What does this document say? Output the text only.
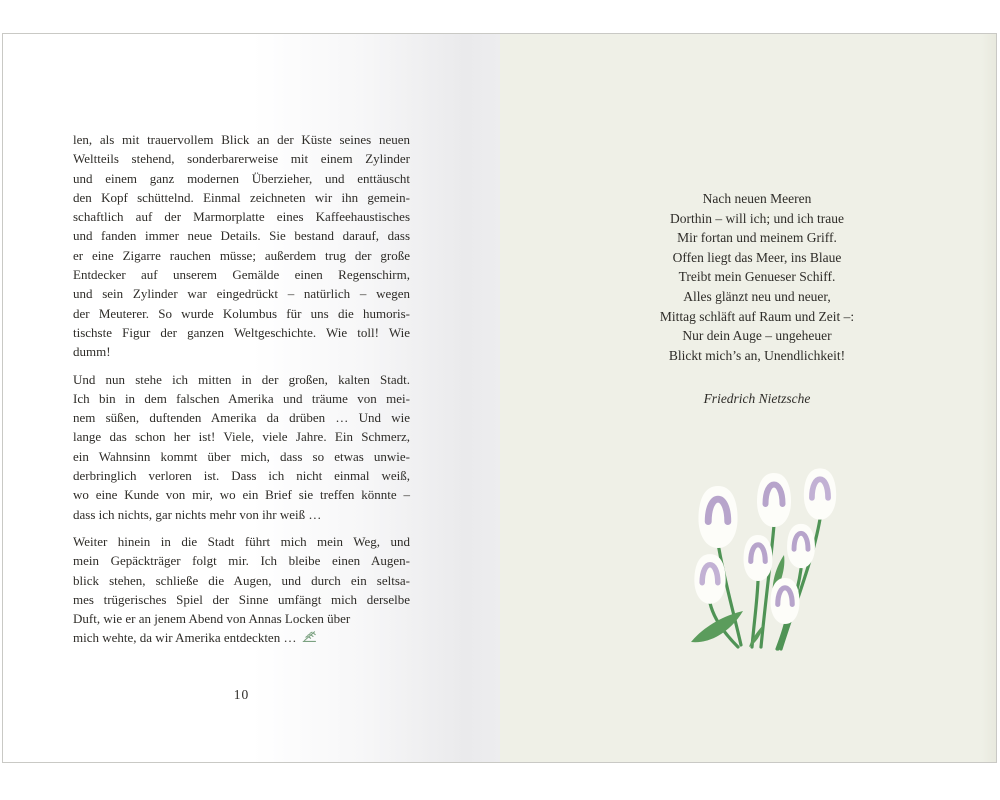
len, als mit trauervollem Blick an der Küste seines neuen
Weltteils stehend, sonderbarerweise mit einem Zylinder
und einem ganz modernen Überzieher, und enttäuscht
den Kopf schüttelnd. Einmal zeichneten wir ihn gemein-
schaftlich auf der Marmorplatte eines Kaffeehaustisches
und fanden immer neue Details. Sie bestand darauf, dass
er eine Zigarre rauchen müsse; außerdem trug der große
Entdecker auf unserem Gemälde einen Regenschirm,
und sein Zylinder war eingedrückt – natürlich – wegen
der Meuterer. So wurde Kolumbus für uns die humoris-
tischste Figur der ganzen Weltgeschichte. Wie toll! Wie
dumm!
Und nun stehe ich mitten in der großen, kalten Stadt.
Ich bin in dem falschen Amerika und träume von mei-
nem süßen, duftenden Amerika da drüben … Und wie
lange das schon her ist! Viele, viele Jahre. Ein Schmerz,
ein Wahnsinn kommt über mich, dass so etwas unwie-
derbringlich verloren ist. Dass ich nicht einmal weiß,
wo eine Kunde von mir, wo ein Brief sie treffen könnte –
dass ich nichts, gar nichts mehr von ihr weiß …
Weiter hinein in die Stadt führt mich mein Weg, und
mein Gepäckträger folgt mir. Ich bleibe einen Augen-
blick stehen, schließe die Augen, und durch ein seltsa-
mes trügerisches Spiel der Sinne umfängt mich derselbe
Duft, wie er an jenem Abend von Annas Locken über
mich wehte, da wir Amerika entdeckten …
10
Nach neuen Meeren
Dorthin – will ich; und ich traue
Mir fortan und meinem Griff.
Offen liegt das Meer, ins Blaue
Treibt mein Genueser Schiff.
Alles glänzt neu und neuer,
Mittag schläft auf Raum und Zeit –:
Nur dein Auge – ungeheuer
Blickt mich’s an, Unendlichkeit!
Friedrich Nietzsche
